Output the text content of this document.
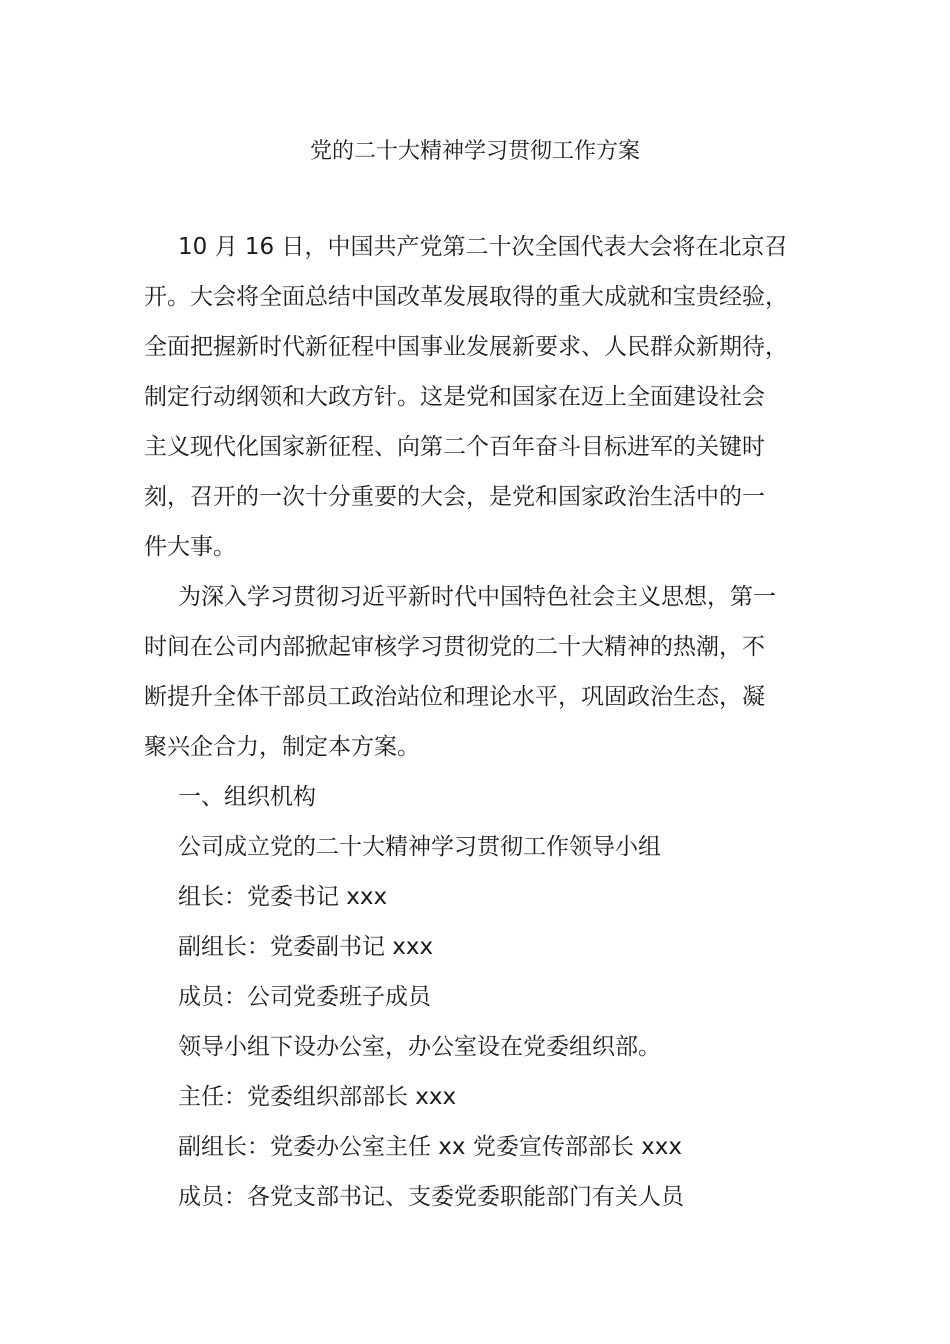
党的二十大精神学习贯彻工作方案
10 月 16 日，中国共产党第二十次全国代表大会将在北京召
开。大会将全面总结中国改革发展取得的重大成就和宝贵经验，
全面把握新时代新征程中国事业发展新要求、人民群众新期待，
制定行动纲领和大政方针。这是党和国家在迈上全面建设社会
主义现代化国家新征程、向第二个百年奋斗目标进军的关键时
刻，召开的一次十分重要的大会，是党和国家政治生活中的一
件大事。
为深入学习贯彻习近平新时代中国特色社会主义思想，第一
时间在公司内部掀起审核学习贯彻党的二十大精神的热潮，不
断提升全体干部员工政治站位和理论水平，巩固政治生态，凝
聚兴企合力，制定本方案。
一、组织机构
公司成立党的二十大精神学习贯彻工作领导小组
组长：党委书记 xxx
副组长：党委副书记 xxx
成员：公司党委班子成员
领导小组下设办公室，办公室设在党委组织部。
主任：党委组织部部长 xxx
副组长：党委办公室主任 xx 党委宣传部部长 xxx
成员：各党支部书记、支委党委职能部门有关人员
